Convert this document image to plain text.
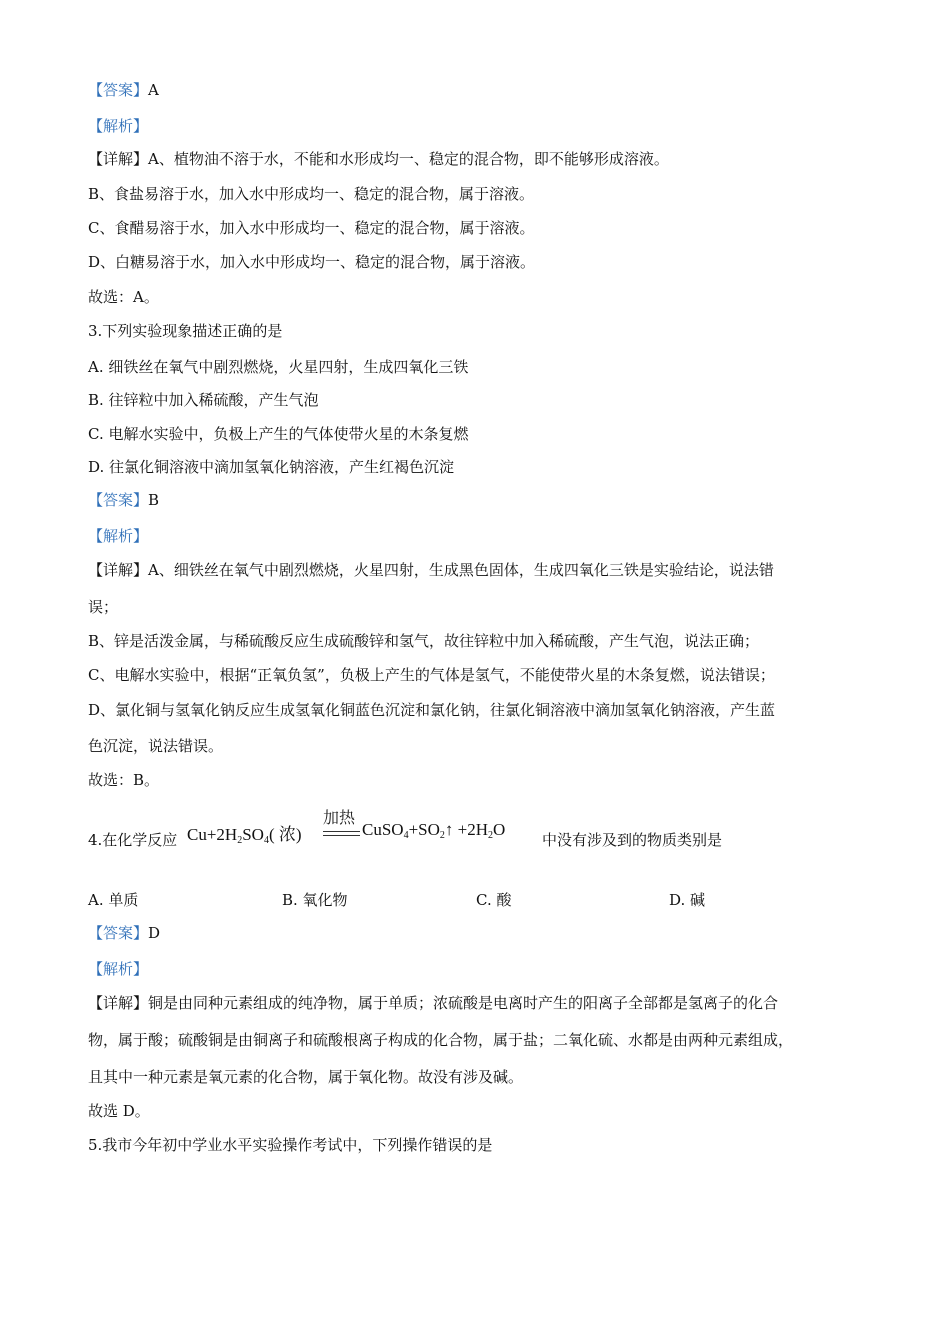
【答案】A
【解析】
【详解】A、植物油不溶于水，不能和水形成均一、稳定的混合物，即不能够形成溶液。
B、食盐易溶于水，加入水中形成均一、稳定的混合物，属于溶液。
C、食醋易溶于水，加入水中形成均一、稳定的混合物，属于溶液。
D、白糖易溶于水，加入水中形成均一、稳定的混合物，属于溶液。
故选：A。
3.下列实验现象描述正确的是
A. 细铁丝在氧气中剧烈燃烧，火星四射，生成四氧化三铁
B. 往锌粒中加入稀硫酸，产生气泡
C. 电解水实验中，负极上产生的气体使带火星的木条复燃
D. 往氯化铜溶液中滴加氢氧化钠溶液，产生红褐色沉淀
【答案】B
【解析】
【详解】A、细铁丝在氧气中剧烈燃烧，火星四射，生成黑色固体，生成四氧化三铁是实验结论，说法错
误；
B、锌是活泼金属，与稀硫酸反应生成硫酸锌和氢气，故往锌粒中加入稀硫酸，产生气泡，说法正确；
C、电解水实验中，根据“正氧负氢”，负极上产生的气体是氢气，不能使带火星的木条复燃，说法错误；
D、氯化铜与氢氧化钠反应生成氢氧化铜蓝色沉淀和氯化钠，往氯化铜溶液中滴加氢氧化钠溶液，产生蓝
色沉淀，说法错误。
故选：B。
4.在化学反应 $Cu+2H_2SO_4$( 浓)
加热
$CuSO_4+SO_2↑ +2H_2O$
中没有涉及到的物质类别是
A. 单质	B. 氧化物	C. 酸	D. 碱
【答案】D
【解析】
【详解】铜是由同种元素组成的纯净物，属于单质；浓硫酸是电离时产生的阳离子全部都是氢离子的化合
物，属于酸；硫酸铜是由铜离子和硫酸根离子构成的化合物，属于盐；二氧化硫、水都是由两种元素组成，
且其中一种元素是氧元素的化合物，属于氧化物。故没有涉及碱。
故选 D。
5.我市今年初中学业水平实验操作考试中，下列操作错误的是
